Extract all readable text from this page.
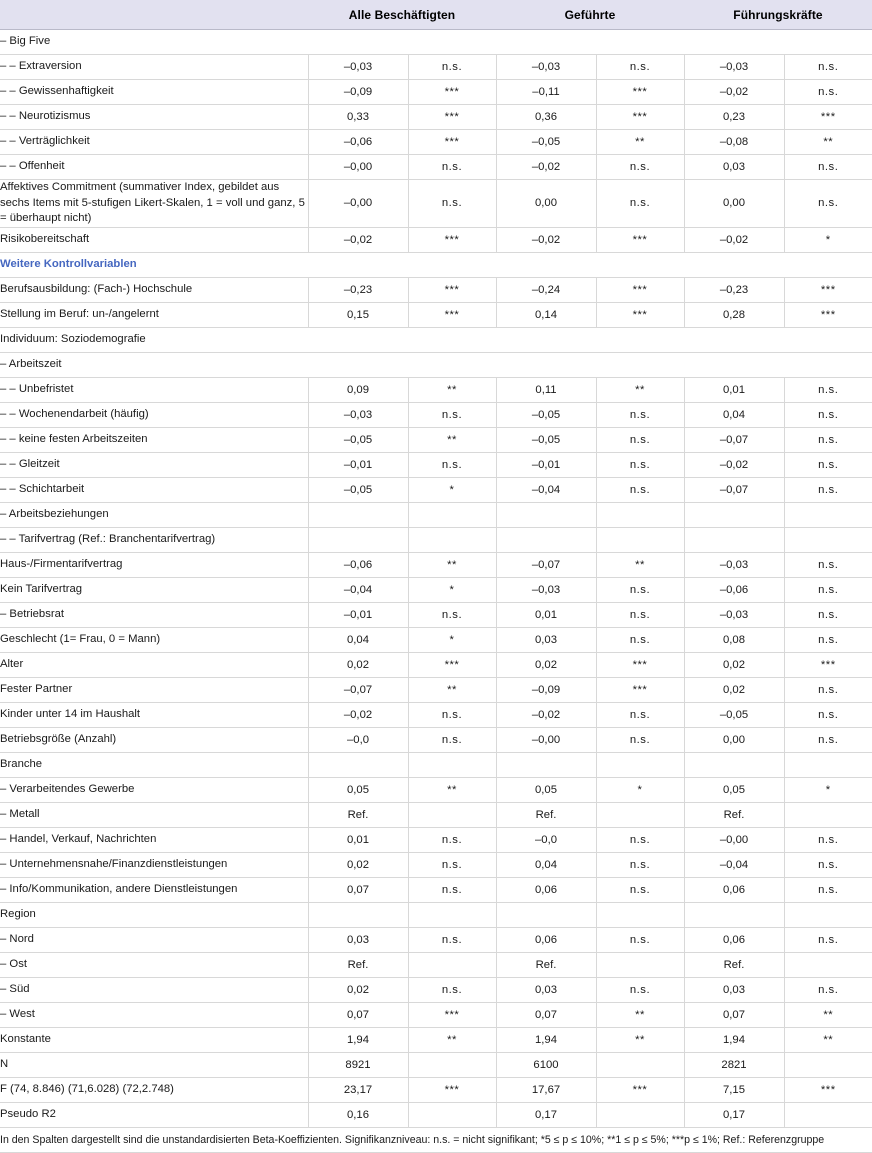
	Alle Beschäftigten		Geführte		Führungskräfte	
– Big Five						
– – Extraversion	–0,03	n.s.	–0,03	n.s.	–0,03	n.s.
– – Gewissenhaftigkeit	–0,09	***	–0,11	***	–0,02	n.s.
– – Neurotizismus	0,33	***	0,36	***	0,23	***
– – Verträglichkeit	–0,06	***	–0,05	**	–0,08	**
– – Offenheit	–0,00	n.s.	–0,02	n.s.	0,03	n.s.
Affektives Commitment (summativer Index, gebildet aus sechs Items mit 5-stufigen Likert-Skalen, 1 = voll und ganz, 5 = überhaupt nicht)	–0,00	n.s.	0,00	n.s.	0,00	n.s.
Risikobereitschaft	–0,02	***	–0,02	***	–0,02	*
Weitere Kontrollvariablen						
Berufsausbildung: (Fach-) Hochschule	–0,23	***	–0,24	***	–0,23	***
Stellung im Beruf: un-/angelernt	0,15	***	0,14	***	0,28	***
Individuum: Soziodemografie						
– Arbeitszeit						
– – Unbefristet	0,09	**	0,11	**	0,01	n.s.
– – Wochenendarbeit (häufig)	–0,03	n.s.	–0,05	n.s.	0,04	n.s.
– – keine festen Arbeitszeiten	–0,05	**	–0,05	n.s.	–0,07	n.s.
– – Gleitzeit	–0,01	n.s.	–0,01	n.s.	–0,02	n.s.
– – Schichtarbeit	–0,05	*	–0,04	n.s.	–0,07	n.s.
– Arbeitsbeziehungen						
– – Tarifvertrag (Ref.: Branchentarifvertrag)						
Haus-/Firmentarifvertrag	–0,06	**	–0,07	**	–0,03	n.s.
Kein Tarifvertrag	–0,04	*	–0,03	n.s.	–0,06	n.s.
– Betriebsrat	–0,01	n.s.	0,01	n.s.	–0,03	n.s.
Geschlecht (1= Frau, 0 = Mann)	0,04	*	0,03	n.s.	0,08	n.s.
Alter	0,02	***	0,02	***	0,02	***
Fester Partner	–0,07	**	–0,09	***	0,02	n.s.
Kinder unter 14 im Haushalt	–0,02	n.s.	–0,02	n.s.	–0,05	n.s.
Betriebsgröße (Anzahl)	–0,0	n.s.	–0,00	n.s.	0,00	n.s.
Branche						
– Verarbeitendes Gewerbe	0,05	**	0,05	*	0,05	*
– Metall	Ref.		Ref.		Ref.	
– Handel, Verkauf, Nachrichten	0,01	n.s.	–0,0	n.s.	–0,00	n.s.
– Unternehmensnahe/Finanzdienstleistungen	0,02	n.s.	0,04	n.s.	–0,04	n.s.
– Info/Kommunikation, andere Dienstleistungen	0,07	n.s.	0,06	n.s.	0,06	n.s.
Region						
– Nord	0,03	n.s.	0,06	n.s.	0,06	n.s.
– Ost	Ref.		Ref.		Ref.	
– Süd	0,02	n.s.	0,03	n.s.	0,03	n.s.
– West	0,07	***	0,07	**	0,07	**
Konstante	1,94	**	1,94	**	1,94	**
N	8921		6100		2821	
F (74, 8.846) (71,6.028) (72,2.748)	23,17	***	17,67	***	7,15	***
Pseudo R2	0,16		0,17		0,17	
In den Spalten dargestellt sind die unstandardisierten Beta-Koeffizienten. Signifikanzniveau: n.s. = nicht signifikant; *5 ≤ p ≤ 10%; **1 ≤ p ≤ 5%; ***p ≤ 1%; Ref.: Referenzgruppe						
